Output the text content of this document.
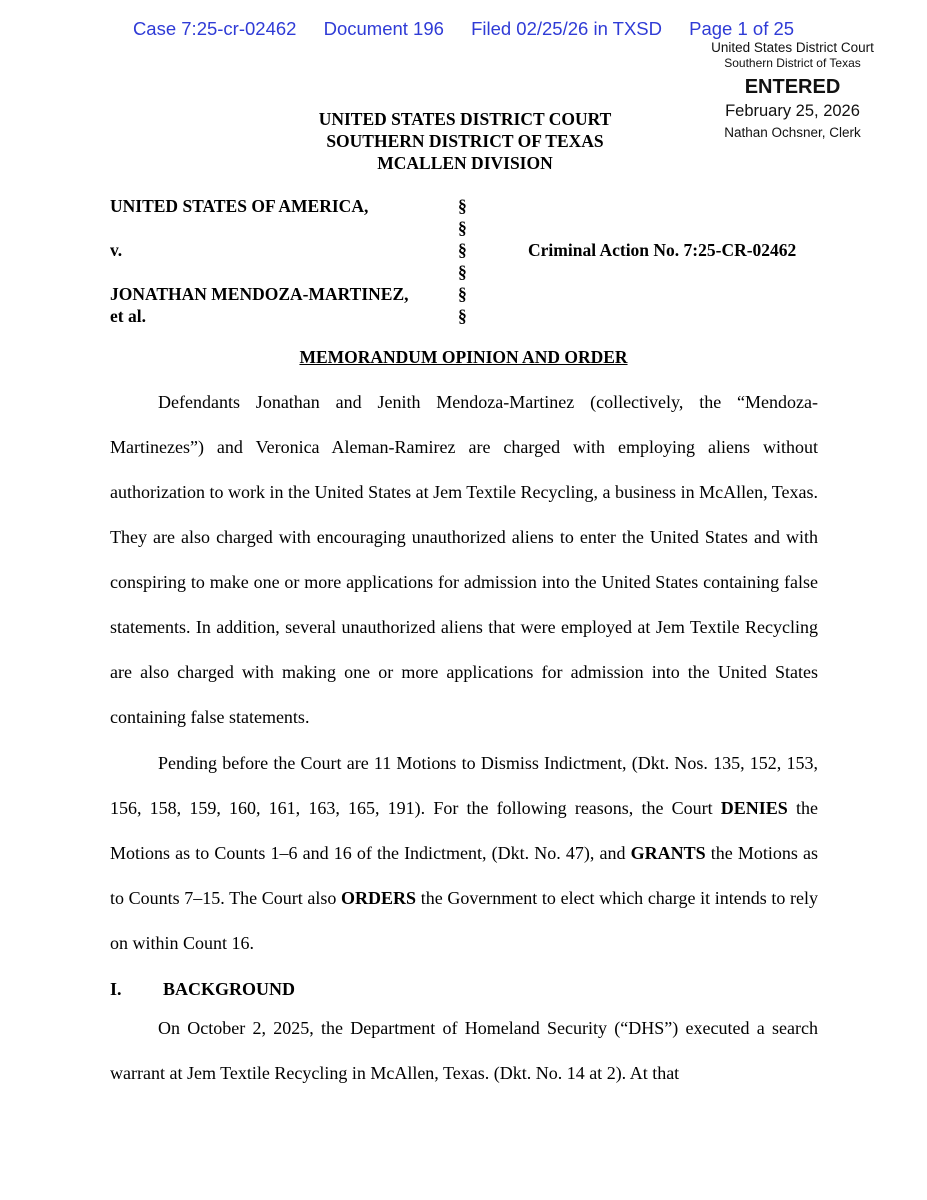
Case 7:25-cr-02462 Document 196 Filed 02/25/26 in TXSD Page 1 of 25
United States District Court
Southern District of Texas
ENTERED
February 25, 2026
Nathan Ochsner, Clerk
UNITED STATES DISTRICT COURT
SOUTHERN DISTRICT OF TEXAS
MCALLEN DIVISION
UNITED STATES OF AMERICA,
v.
JONATHAN MENDOZA-MARTINEZ,
et al.
§
§
§
§
§
§
Criminal Action No. 7:25-CR-02462
MEMORANDUM OPINION AND ORDER

Defendants Jonathan and Jenith Mendoza-Martinez (collectively, the “Mendoza-Martinezes”) and Veronica Aleman-Ramirez are charged with employing aliens without authorization to work in the United States at Jem Textile Recycling, a business in McAllen, Texas. They are also charged with encouraging unauthorized aliens to enter the United States and with conspiring to make one or more applications for admission into the United States containing false statements. In addition, several unauthorized aliens that were employed at Jem Textile Recycling are also charged with making one or more applications for admission into the United States containing false statements.

Pending before the Court are 11 Motions to Dismiss Indictment, (Dkt. Nos. 135, 152, 153, 156, 158, 159, 160, 161, 163, 165, 191). For the following reasons, the Court DENIES the Motions as to Counts 1–6 and 16 of the Indictment, (Dkt. No. 47), and GRANTS the Motions as to Counts 7–15. The Court also ORDERS the Government to elect which charge it intends to rely on within Count 16.

I. BACKGROUND

On October 2, 2025, the Department of Homeland Security (“DHS”) executed a search warrant at Jem Textile Recycling in McAllen, Texas. (Dkt. No. 14 at 2). At that
